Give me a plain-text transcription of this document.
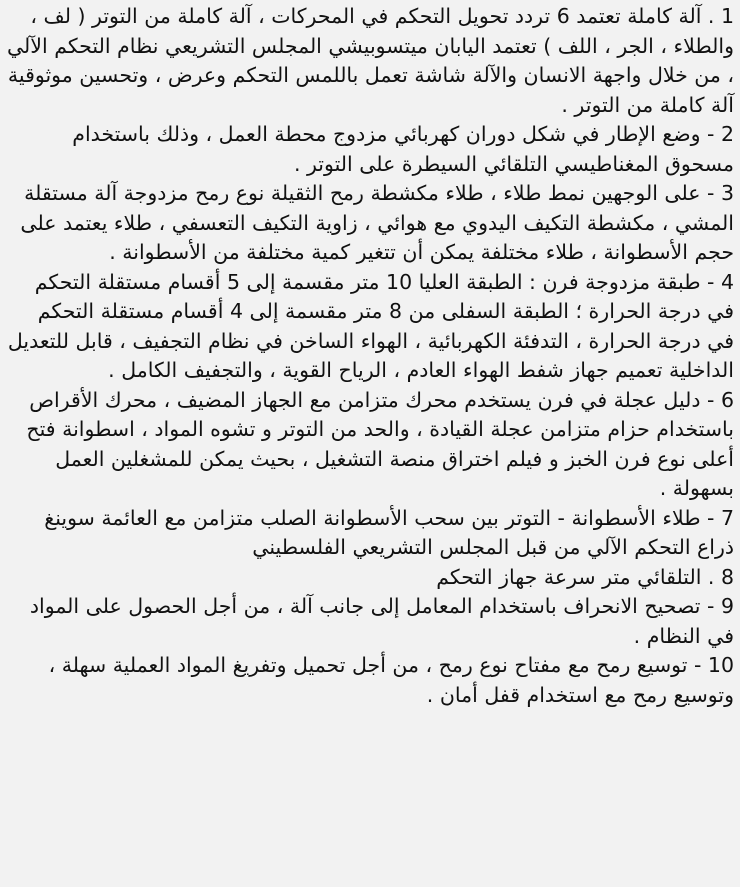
1 . آلة كاملة تعتمد 6 تردد تحويل التحكم في المحركات ، آلة كاملة من التوتر ( لف ، والطلاء ، الجر ، اللف ) تعتمد اليابان ميتسوبيشي المجلس التشريعي نظام التحكم الآلي ، من خلال واجهة الانسان والآلة شاشة تعمل باللمس التحكم وعرض ، وتحسين موثوقية آلة كاملة من التوتر .

2 - وضع الإطار في شكل دوران كهربائي مزدوج محطة العمل ، وذلك باستخدام مسحوق المغناطيسي التلقائي السيطرة على التوتر .

3 - على الوجهين نمط طلاء ، طلاء مكشطة رمح الثقيلة نوع رمح مزدوجة آلة مستقلة المشي ، مكشطة التكيف اليدوي مع هوائي ، زاوية التكيف التعسفي ، طلاء يعتمد على حجم الأسطوانة ، طلاء مختلفة يمكن أن تتغير كمية مختلفة من الأسطوانة .

4 - طبقة مزدوجة فرن : الطبقة العليا 10 متر مقسمة إلى 5 أقسام مستقلة التحكم في درجة الحرارة ؛ الطبقة السفلى من 8 متر مقسمة إلى 4 أقسام مستقلة التحكم في درجة الحرارة ، التدفئة الكهربائية ، الهواء الساخن في نظام التجفيف ، قابل للتعديل الداخلية تعميم جهاز شفط الهواء العادم ، الرياح القوية ، والتجفيف الكامل .

6 - دليل عجلة في فرن يستخدم محرك متزامن مع الجهاز المضيف ، محرك الأقراص باستخدام حزام متزامن عجلة القيادة ، والحد من التوتر و تشوه المواد ، اسطوانة فتح أعلى نوع فرن الخبز و فيلم اختراق منصة التشغيل ، بحيث يمكن للمشغلين العمل بسهولة .

7 - طلاء الأسطوانة - التوتر بين سحب الأسطوانة الصلب متزامن مع العائمة سوينغ ذراع التحكم الآلي من قبل المجلس التشريعي الفلسطيني

8 . التلقائي متر سرعة جهاز التحكم

9 - تصحيح الانحراف باستخدام المعامل إلى جانب آلة ، من أجل الحصول على المواد في النظام .

10 - توسيع رمح مع مفتاح نوع رمح ، من أجل تحميل وتفريغ المواد العملية سهلة ، وتوسيع رمح مع استخدام قفل أمان .
